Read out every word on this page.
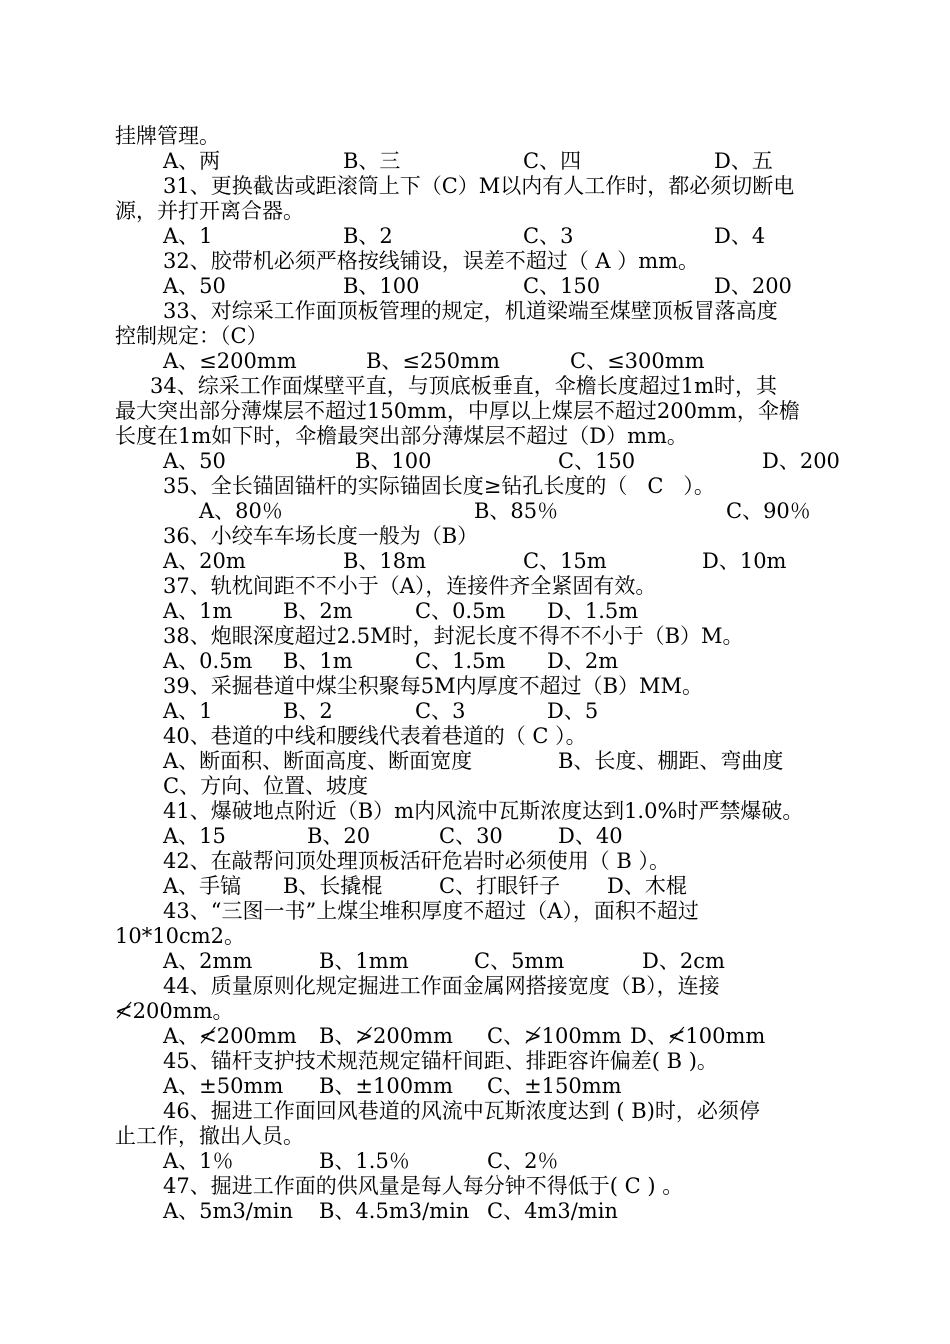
挂牌管理。
A、两	B、三	C、四	D、五
31、更换截齿或距滚筒上下（C）M以内有人工作时，都必须切断电
源，并打开离合器。
A、1	B、2	C、3	D、4
32、胶带机必须严格按线铺设，误差不超过（ A ）mm。
A、50	B、100	C、150	D、200
33、对综采工作面顶板管理的规定，机道梁端至煤壁顶板冒落高度
控制规定：（C）
A、≤200mm	B、≤250mm	C、≤300mm
34、综采工作面煤壁平直，与顶底板垂直，伞檐长度超过1m时，其
最大突出部分薄煤层不超过150mm，中厚以上煤层不超过200mm，伞檐
长度在1m如下时，伞檐最突出部分薄煤层不超过（D）mm。
A、50	B、100	C、150	D、200
35、全长锚固锚杆的实际锚固长度≥钻孔长度的（   C   ）。
A、80％	B、85％	C、90％
36、小绞车车场长度一般为（B）
A、20m	B、18m	C、15m	D、10m
37、轨枕间距不不小于（A），连接件齐全紧固有效。
A、1m B、2m	C、0.5m D、1.5m
38、炮眼深度超过2.5M时，封泥长度不得不不小于（B）M。
A、0.5m B、1m	C、1.5m D、2m
39、采掘巷道中煤尘积聚每5M内厚度不超过（B）MM。
A、1	B、2	C、3	D、5
40、巷道的中线和腰线代表着巷道的（ C ）。
A、断面积、断面高度、断面宽度	B、长度、棚距、弯曲度
C、方向、位置、坡度
41、爆破地点附近（B）m内风流中瓦斯浓度达到1.0%时严禁爆破。
A、15	B、20	C、30	D、40
42、在敲帮问顶处理顶板活矸危岩时必须使用（ B ）。
A、手镐 B、长撬棍	C、打眼钎子 D、木棍
43、“三图一书”上煤尘堆积厚度不超过（A），面积不超过
10*10cm2。
A、2mm	B、1mm	C、5mm	D、2cm
44、质量原则化规定掘进工作面金属网搭接宽度（B），连接
≮200mm。
A、≮200mm B、≯200mm C、≯100mm D、≮100mm
45、锚杆支护技术规范规定锚杆间距、排距容许偏差( B )。
A、±50mm B、±100mm C、±150mm
46、掘进工作面回风巷道的风流中瓦斯浓度达到 ( B)时，必须停
止工作，撤出人员。
A、1％	B、1.5％	C、2％
47、掘进工作面的供风量是每人每分钟不得低于( C ) 。
A、5m3/min B、4.5m3/min C、4m3/min
